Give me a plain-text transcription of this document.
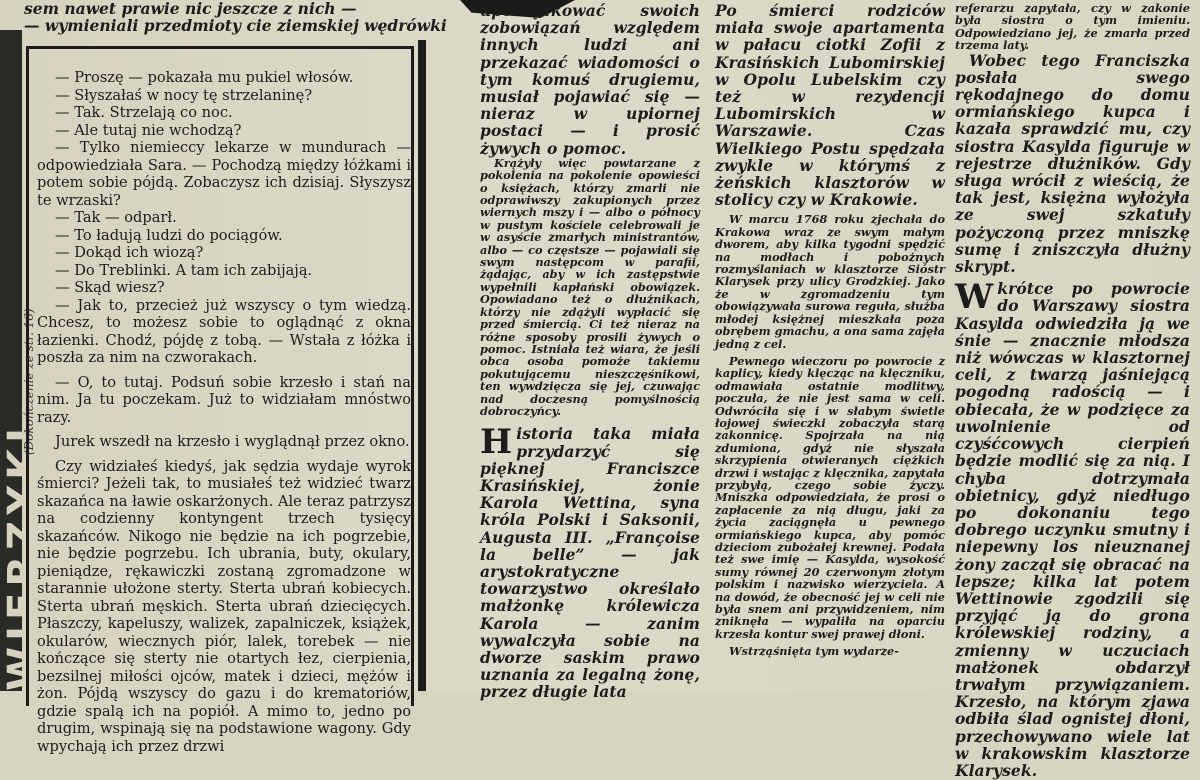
sem nawet prawie nic jeszcze z nich —
— wymieniali przedmioty cie ziemskiej wędrówki
WIERZYKI
(Dokończenie ze str. 16)

— Proszę — pokazała mu pukiel włosów.

— Słyszałaś w nocy tę strzelaninę?

— Tak. Strzelają co noc.

— Ale tutaj nie wchodzą?

— Tylko niemieccy lekarze w mundurach — odpowiedziała Sara. — Pochodzą między łóżkami i potem sobie pójdą. Zobaczysz ich dzisiaj. Słyszysz te wrzaski?

— Tak — odparł.

— To ładują ludzi do pociągów.

— Dokąd ich wiozą?

— Do Treblinki. A tam ich zabijają.

— Skąd wiesz?

— Jak to, przecież już wszyscy o tym wiedzą. Chcesz, to możesz sobie to oglądnąć z okna łazienki. Chodź, pójdę z tobą. — Wstała z łóżka i poszła za nim na czworakach.

— O, to tutaj. Podsuń sobie krzesło i stań na nim. Ja tu poczekam. Już to widziałam mnóstwo razy.

Jurek wszedł na krzesło i wyglądnął przez okno.

Czy widziałeś kiedyś, jak sędzia wydaje wyrok śmierci? Jeżeli tak, to musiałeś też widzieć twarz skazańca na ławie oskarżonych. Ale teraz patrzysz na codzienny kontyngent trzech tysięcy skazańców. Nikogo nie będzie na ich pogrzebie, nie będzie pogrzebu. Ich ubrania, buty, okulary, pieniądze, rękawiczki zostaną zgromadzone w starannie ułożone sterty. Sterta ubrań kobiecych. Sterta ubrań męskich. Sterta ubrań dziecięcych. Płaszczy, kapeluszy, walizek, zapalniczek, książek, okularów, wiecznych piór, lalek, torebek — nie kończące się sterty nie otartych łez, cierpienia, bezsilnej miłości ojców, matek i dzieci, mężów i żon. Pójdą wszyscy do gazu i do krematoriów, gdzie spalą ich na popiół. A mimo to, jedno po drugim, wspinają się na podstawione wagony. Gdy wpychają ich przez drzwi

uporządkować swoich zobowiązań względem innych ludzi ani przekazać wiadomości o tym komuś drugiemu, musiał pojawiać się — nieraz w upiornej postaci — i prosić żywych o pomoc.

Krążyły więc powtarzane z pokolenia na pokolenie opowieści o księżach, którzy zmarli nie odprawiwszy zakupionych przez wiernych mszy i — albo o północy w pustym kościele celebrowali je w asyście zmarłych ministrantów, albo — co częstsze — pojawiali się swym następcom w parafii, żądając, aby w ich zastępstwie wypełnili kapłański obowiązek. Opowiadano też o dłużnikach, którzy nie zdążyli wypłacić się przed śmiercią. Ci też nieraz na różne sposoby prosili żywych o pomoc. Istniała też wiara, że jeśli obca osoba pomoże takiemu pokutującemu nieszczęśnikowi, ten wywdzięcza się jej, czuwając nad doczesną pomyślnością dobroczyńcy.

Historia taka miała przydarzyć się pięknej Franciszce Krasińskiej, żonie Karola Wettina, syna króla Polski i Saksonii, Augusta III. „Françoise la belle” — jak arystokratyczne towarzystwo określało małżonkę królewicza Karola — zanim wywalczyła sobie na dworze saskim prawo uznania za legalną żonę, przez długie lata

Po śmierci rodziców miała swoje apartamenta w pałacu ciotki Zofii z Krasińskich Lubomirskiej w Opolu Lubelskim czy też w rezydencji Lubomirskich w Warszawie. Czas Wielkiego Postu spędzała zwykle w którymś z żeńskich klasztorów w stolicy czy w Krakowie.

W marcu 1768 roku zjechała do Krakowa wraz ze swym małym dworem, aby kilka tygodni spędzić na modłach i pobożnych rozmyślaniach w klasztorze Sióstr Klarysek przy ulicy Grodzkiej. Jako że w zgromadzeniu tym obowiązywała surowa reguła, służba młodej księżnej mieszkała poza obrębem gmachu, a ona sama zajęła jedną z cel.

Pewnego wieczoru po powrocie z kaplicy, kiedy klęcząc na klęczniku, odmawiała ostatnie modlitwy, poczuła, że nie jest sama w celi. Odwróciła się i w słabym świetle łojowej świeczki zobaczyła starą zakonnicę. Spojrzała na nią zdumiona, gdyż nie słyszała skrzypienia otwieranych ciężkich drzwi i wstając z klęcznika, zapytała przybyłą, czego sobie życzy. Mniszka odpowiedziała, że prosi o zapłacenie za nią długu, jaki za życia zaciągnęła u pewnego ormiańskiego kupca, aby pomóc dzieciom zubożałej krewnej. Podała też swe imię — Kasylda, wysokość sumy równej 20 czerwonym złotym polskim i nazwisko wierzyciela. A na dowód, że obecność jej w celi nie była snem ani przywidzeniem, nim zniknęła — wypaliła na oparciu krzesła kontur swej prawej dłoni.

Wstrząśnięta tym wydarze-

referarzu zapytała, czy w zakonie była siostra o tym imieniu. Odpowiedziano jej, że zmarła przed trzema laty.

Wobec tego Franciszka posłała swego rękodajnego do domu ormiańskiego kupca i kazała sprawdzić mu, czy siostra Kasylda figuruje w rejestrze dłużników. Gdy sługa wrócił z wieścią, że tak jest, księżna wyłożyła ze swej szkatuły pożyczoną przez mniszkę sumę i zniszczyła dłużny skrypt.

Wkrótce po powrocie do Warszawy siostra Kasylda odwiedziła ją we śnie — znacznie młodsza niż wówczas w klasztornej celi, z twarzą jaśniejącą pogodną radością — i obiecała, że w podzięce za uwolnienie od czyśćcowych cierpień będzie modlić się za nią. I chyba dotrzymała obietnicy, gdyż niedługo po dokonaniu tego dobrego uczynku smutny i niepewny los nieuznanej żony zaczął się obracać na lepsze; kilka lat potem Wettinowie zgodzili się przyjąć ją do grona królewskiej rodziny, a zmienny w uczuciach małżonek obdarzył trwałym przywiązaniem. Krzesło, na którym zjawa odbiła ślad ognistej dłoni, przechowywano wiele lat w krakowskim klasztorze Klarysek.
